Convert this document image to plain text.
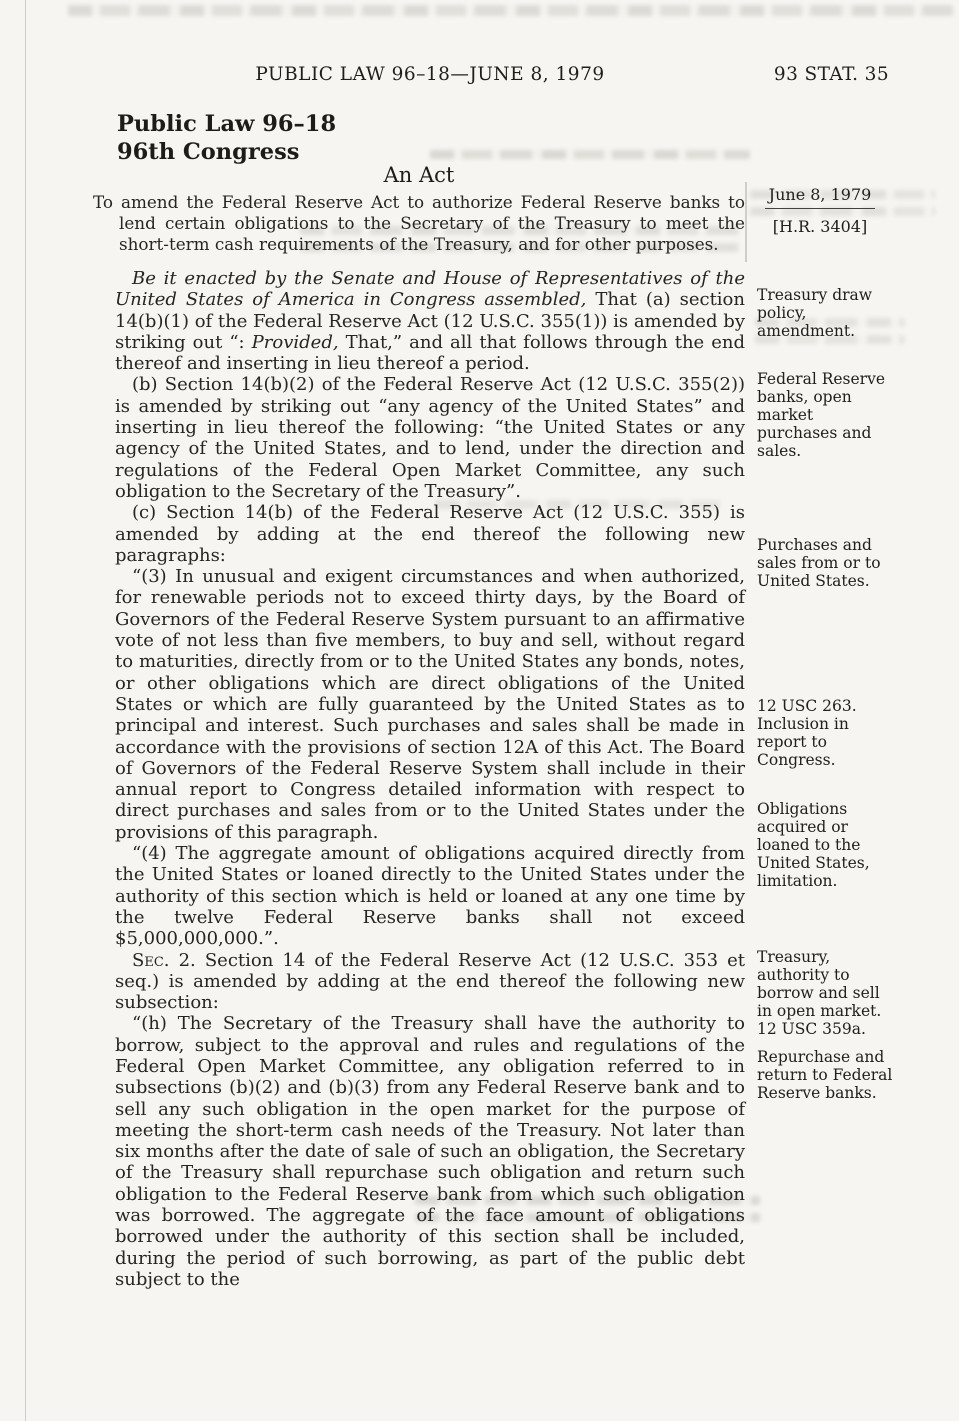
PUBLIC LAW 96–18—JUNE 8, 1979	93 STAT. 35
Public Law 96–18
96th Congress
An Act
To amend the Federal Reserve Act to authorize Federal Reserve banks to lend certain obligations to the Secretary of the Treasury to meet the short-term cash requirements of the Treasury, and for other purposes.
June 8, 1979
[H.R. 3404]

Be it enacted by the Senate and House of Representatives of the United States of America in Congress assembled, That (a) section 14(b)(1) of the Federal Reserve Act (12 U.S.C. 355(1)) is amended by striking out “: Provided, That,” and all that follows through the end thereof and inserting in lieu thereof a period.

(b) Section 14(b)(2) of the Federal Reserve Act (12 U.S.C. 355(2)) is amended by striking out “any agency of the United States” and inserting in lieu thereof the following: “the United States or any agency of the United States, and to lend, under the direction and regulations of the Federal Open Market Committee, any such obligation to the Secretary of the Treasury”.

(c) Section 14(b) of the Federal Reserve Act (12 U.S.C. 355) is amended by adding at the end thereof the following new paragraphs:

“(3) In unusual and exigent circumstances and when authorized, for renewable periods not to exceed thirty days, by the Board of Governors of the Federal Reserve System pursuant to an affirmative vote of not less than five members, to buy and sell, without regard to maturities, directly from or to the United States any bonds, notes, or other obligations which are direct obligations of the United States or which are fully guaranteed by the United States as to principal and interest. Such purchases and sales shall be made in accordance with the provisions of section 12A of this Act. The Board of Governors of the Federal Reserve System shall include in their annual report to Congress detailed information with respect to direct purchases and sales from or to the United States under the provisions of this paragraph.

“(4) The aggregate amount of obligations acquired directly from the United States or loaned directly to the United States under the authority of this section which is held or loaned at any one time by the twelve Federal Reserve banks shall not exceed $5,000,000,000.”.

Sec. 2. Section 14 of the Federal Reserve Act (12 U.S.C. 353 et seq.) is amended by adding at the end thereof the following new subsection:

“(h) The Secretary of the Treasury shall have the authority to borrow, subject to the approval and rules and regulations of the Federal Open Market Committee, any obligation referred to in subsections (b)(2) and (b)(3) from any Federal Reserve bank and to sell any such obligation in the open market for the purpose of meeting the short-term cash needs of the Treasury. Not later than six months after the date of sale of such an obligation, the Secretary of the Treasury shall repurchase such obligation and return such obligation to the Federal Reserve bank from which such obligation was borrowed. The aggregate of the face amount of obligations borrowed under the authority of this section shall be included, during the period of such borrowing, as part of the public debt subject to the

Treasury draw policy, amendment.
Federal Reserve banks, open market purchases and sales.
Purchases and sales from or to United States.
12 USC 263. Inclusion in report to Congress.
Obligations acquired or loaned to the United States, limitation.
Treasury, authority to borrow and sell in open market. 12 USC 359a.
Repurchase and return to Federal Reserve banks.
